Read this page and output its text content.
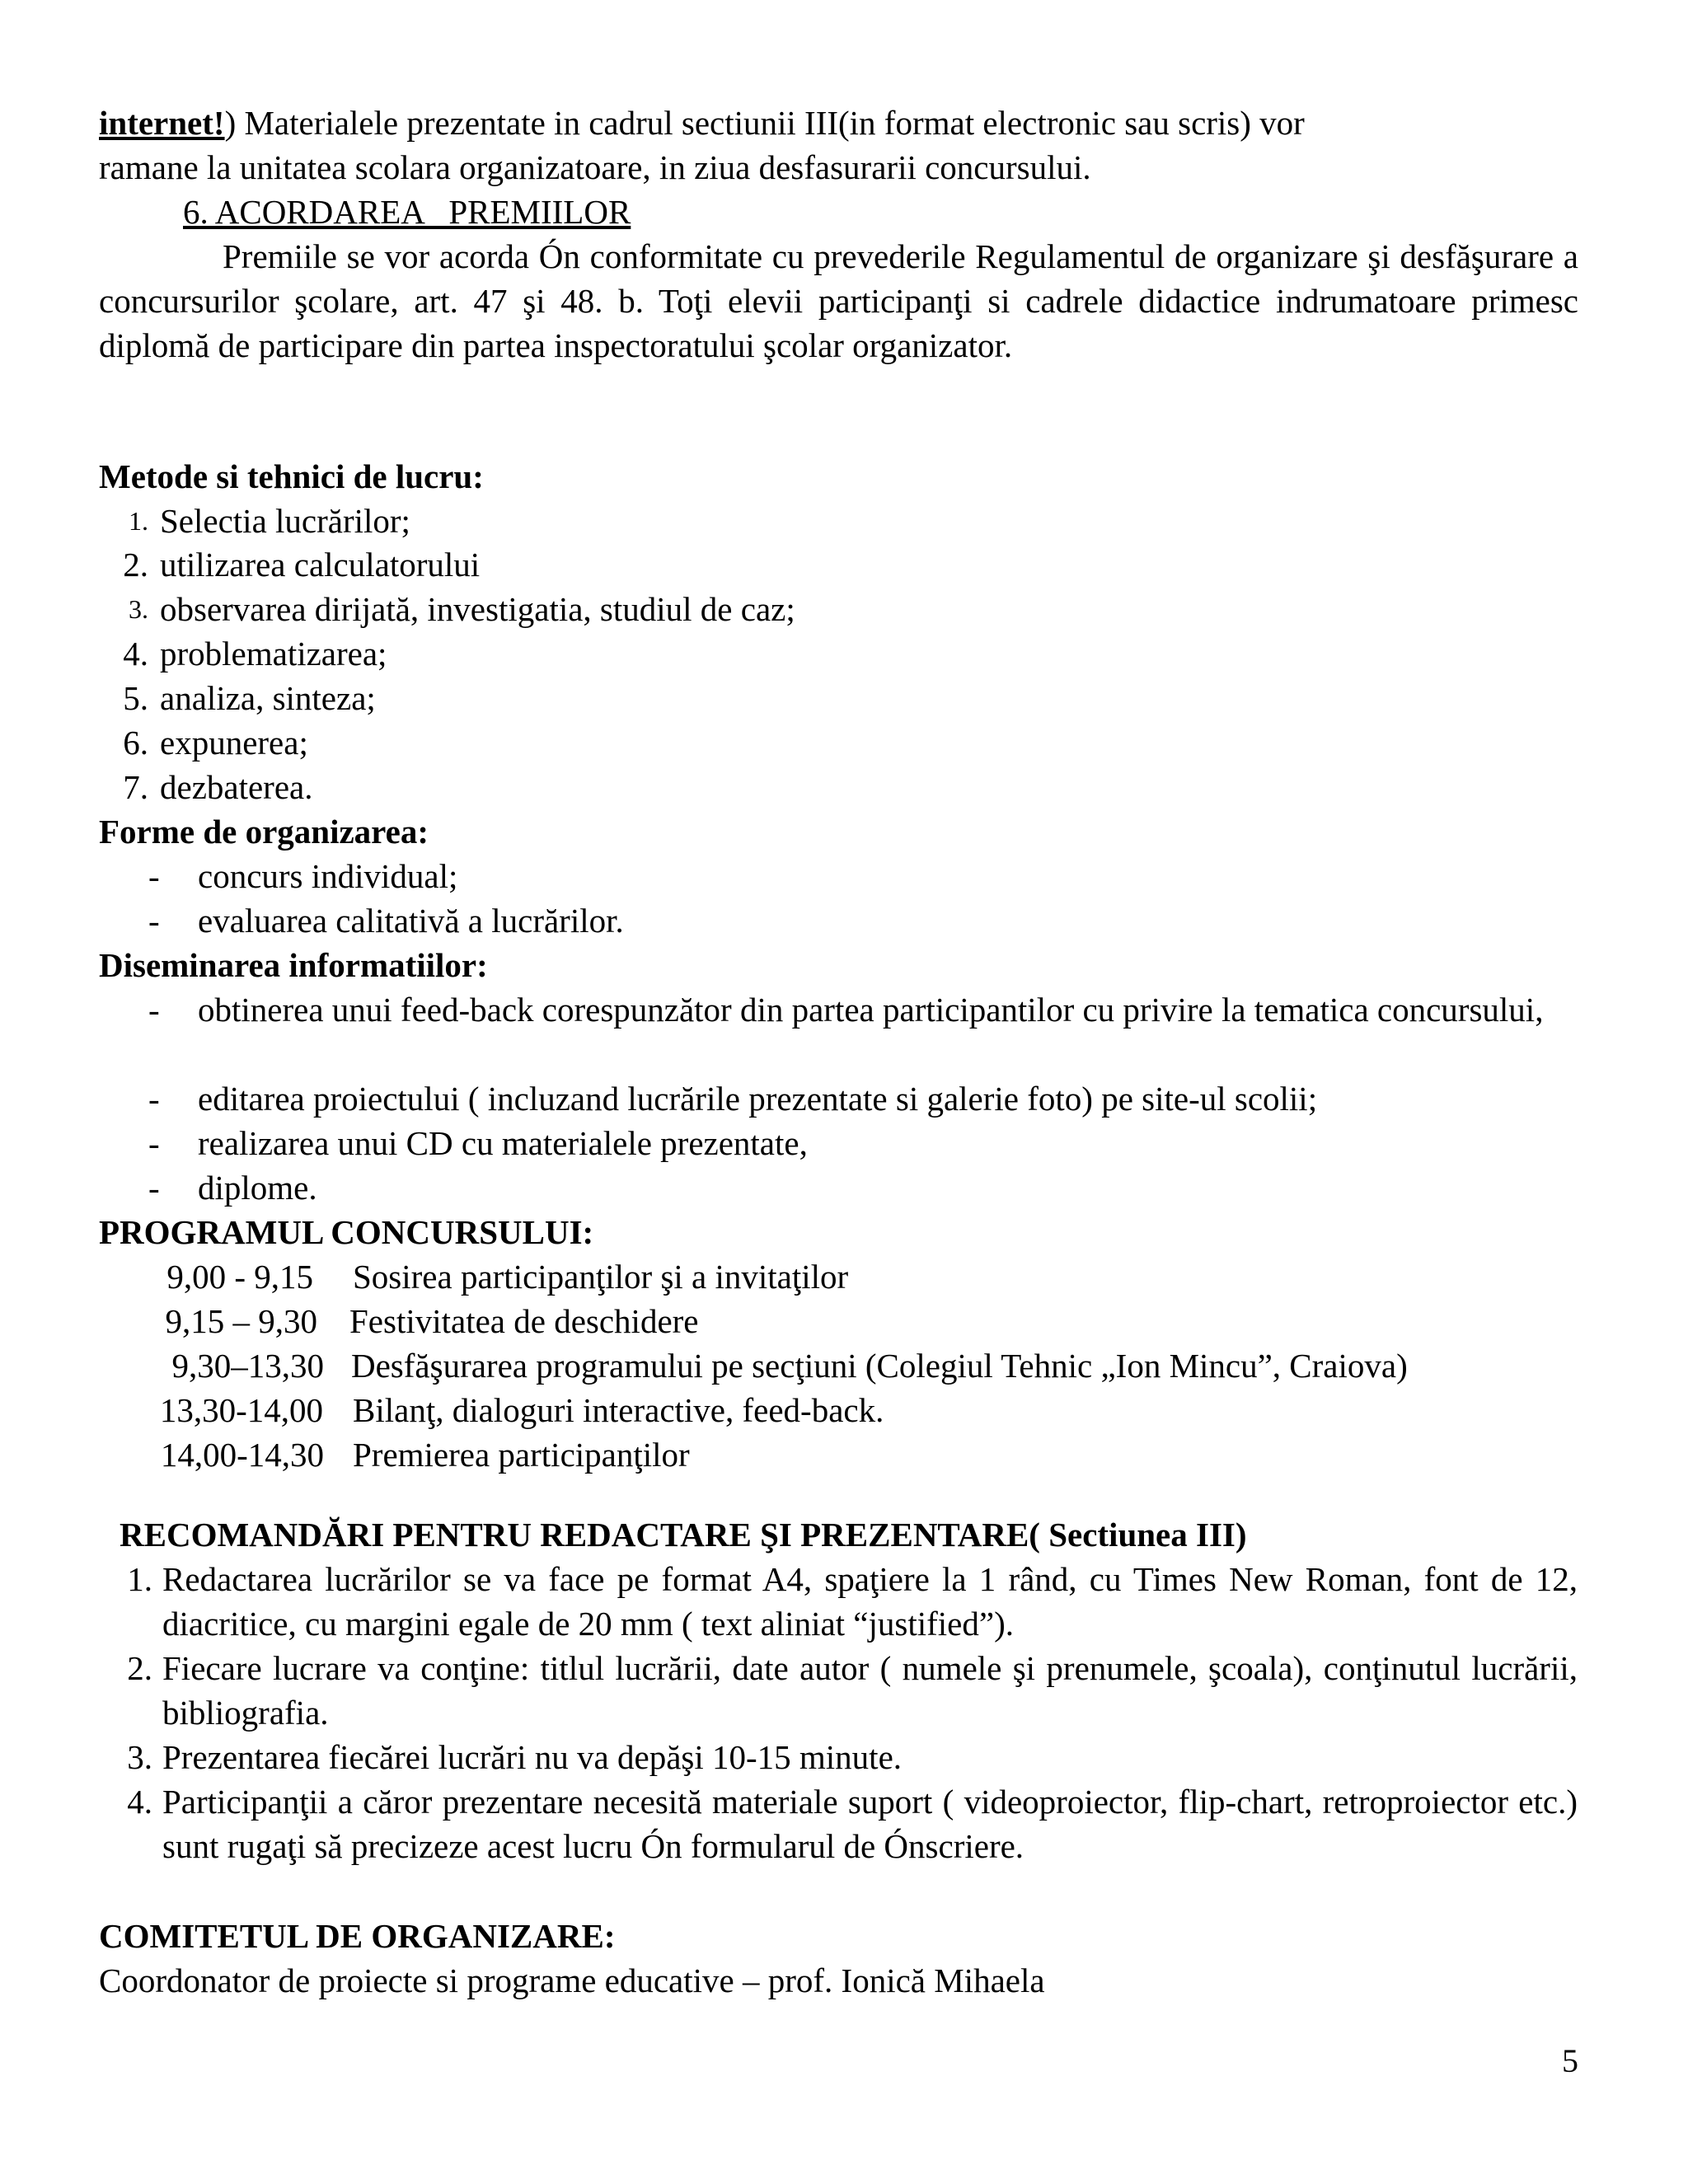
internet!) Materialele prezentate in cadrul sectiunii III(in format electronic sau scris) vor
ramane la unitatea scolara organizatoare, in ziua desfasurarii concursului.
6. ACORDAREA   PREMIILOR
Premiile se vor acorda Ón conformitate cu prevederile Regulamentul de organizare şi desfăşurare a concursurilor şcolare, art. 47 şi 48. b. Toţi elevii participanţi si cadrele didactice indrumatoare primesc diplomă de participare din partea inspectoratului şcolar organizator.
Metode si tehnici de lucru:
1. Selectia lucrărilor;
2. utilizarea calculatorului
3. observarea dirijată, investigatia, studiul de caz;
4. problematizarea;
5. analiza, sinteza;
6. expunerea;
7. dezbaterea.
Forme de organizarea:
- concurs individual;
- evaluarea calitativă a lucrărilor.
Diseminarea informatiilor:
- obtinerea unui feed-back corespunzător din partea participantilor cu privire la tematica concursului,
- editarea proiectului ( incluzand lucrările prezentate si galerie foto) pe site-ul scolii;
- realizarea unui CD cu materialele prezentate,
- diplome.
PROGRAMUL CONCURSULUI:
9,00 - 9,15 Sosirea participanţilor şi a invitaţilor
9,15 – 9,30 Festivitatea de deschidere
9,30–13,30 Desfăşurarea programului pe secţiuni (Colegiul Tehnic „Ion Mincu”, Craiova)
13,30-14,00 Bilanţ, dialoguri interactive, feed-back.
14,00-14,30 Premierea participanţilor
RECOMANDĂRI PENTRU REDACTARE ŞI PREZENTARE( Sectiunea III)
1. Redactarea lucrărilor se va face pe format A4, spaţiere la 1 rând, cu Times New Roman, font de 12, diacritice, cu margini egale de 20 mm ( text aliniat “justified”).
2. Fiecare lucrare va conţine: titlul lucrării, date autor ( numele şi prenumele, şcoala), conţinutul lucrării, bibliografia.
3. Prezentarea fiecărei lucrări nu va depăşi 10-15 minute.
4. Participanţii a căror prezentare necesită materiale suport ( videoproiector, flip-chart, retroproiector etc.) sunt rugaţi să precizeze acest lucru Ón formularul de Ónscriere.
COMITETUL DE ORGANIZARE:
Coordonator de proiecte si programe educative – prof. Ionică Mihaela
5
